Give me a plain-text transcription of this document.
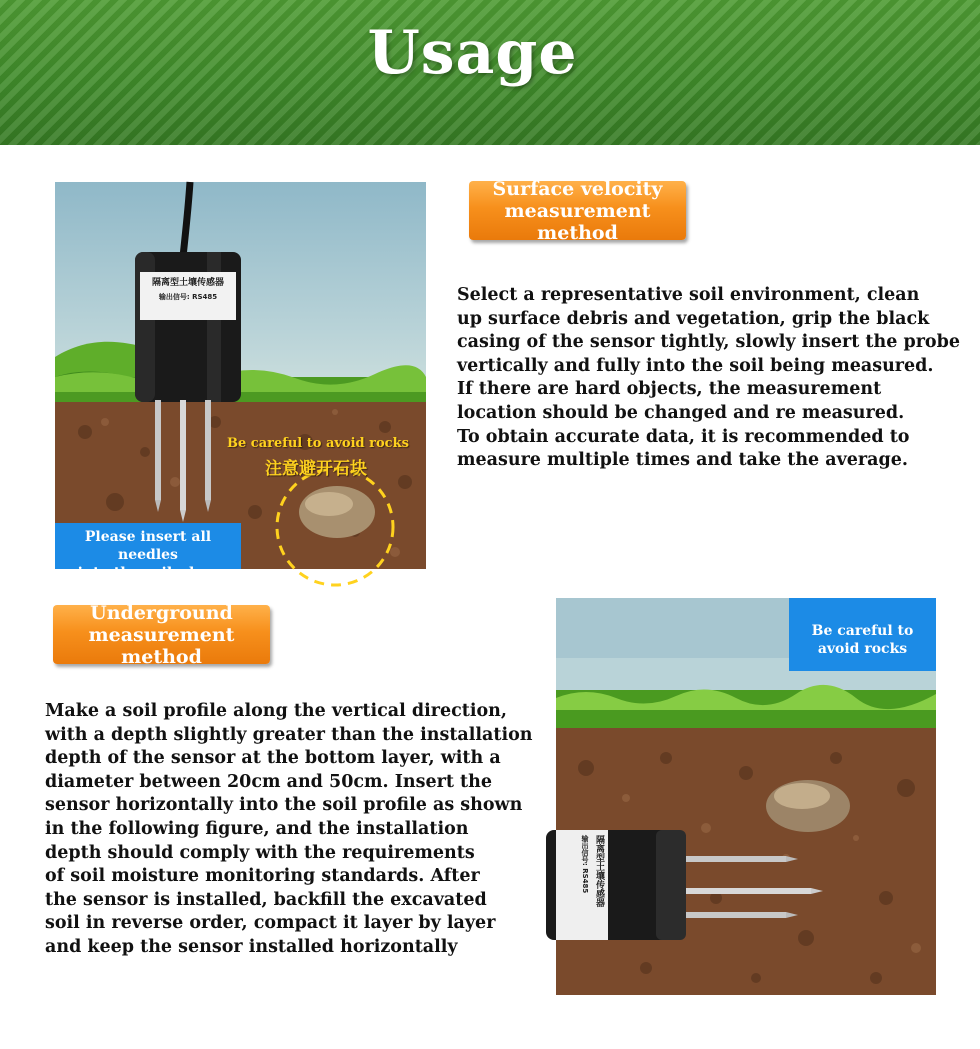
Usage
隔离型土壤传感器
输出信号: RS485
Be careful to avoid rocks
注意避开石块
Please insert all needles
into the soil when using
Surface velocity
measurement method
Select a representative soil environment, clean
up surface debris and vegetation, grip the black
casing of the sensor tightly, slowly insert the probe
vertically and fully into the soil being measured.
If there are hard objects, the measurement
location should be changed and re measured.
To obtain accurate data, it is recommended to
measure multiple times and take the average.
Underground
measurement method
Make a soil profile along the vertical direction,
with a depth slightly greater than the installation
depth of the sensor at the bottom layer, with a
diameter between 20cm and 50cm. Insert the
sensor horizontally into the soil profile as shown
in the following figure, and the installation
depth should comply with the requirements
of soil moisture monitoring standards. After
the sensor is installed, backfill the excavated
soil in reverse order, compact it layer by layer
and keep the sensor installed horizontally
隔离型土壤传感器
输出信号: RS485
Be careful to
avoid rocks
